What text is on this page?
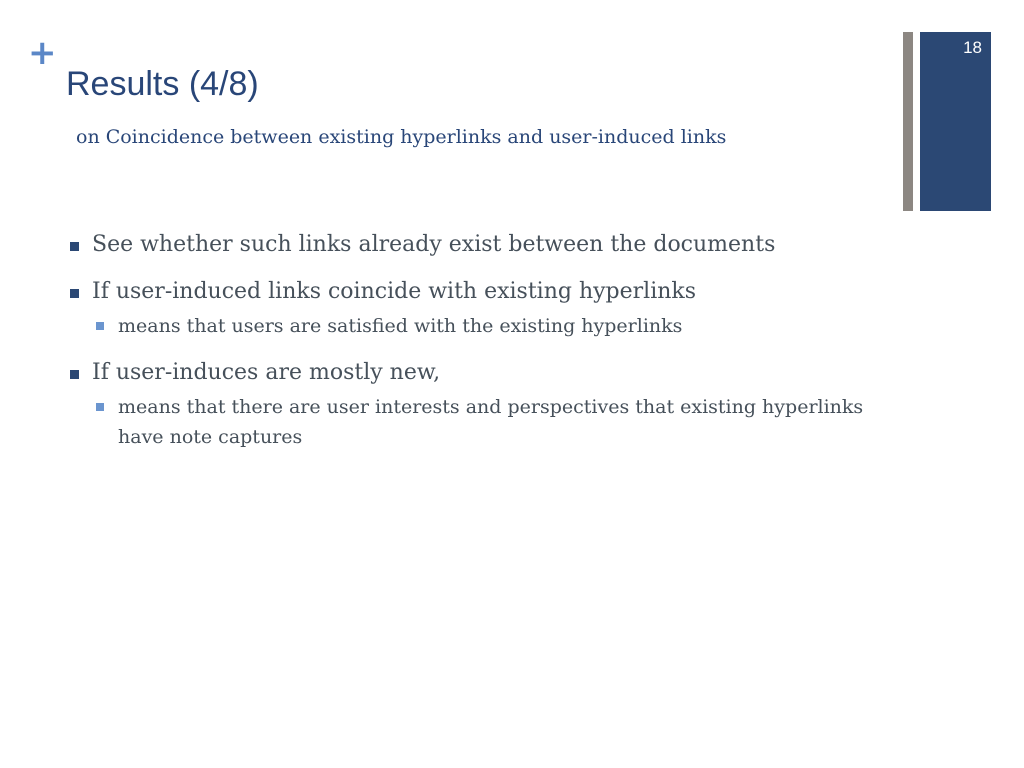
+
Results (4/8)
on Coincidence between existing hyperlinks and user-induced links
18
See whether such links already exist between the documents
If user-induced links coincide with existing hyperlinks
means that users are satisfied with the existing hyperlinks
If user-induces are mostly new,
means that there are user interests and perspectives that existing hyperlinks have note captures
